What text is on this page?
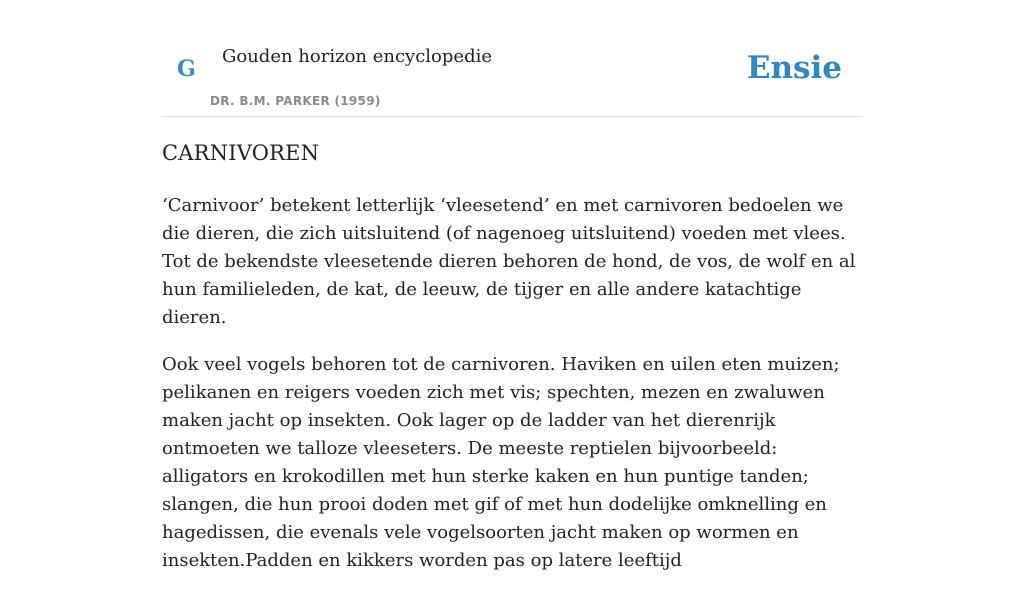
G Gouden horizon encyclopedie
DR. B.M. PARKER (1959)
Ensie
CARNIVOREN

‘Carnivoor’ betekent letterlijk ‘vleesetend’ en met carnivoren bedoelen we die dieren, die zich uitsluitend (of nagenoeg uitsluitend) voeden met vlees. Tot de bekendste vleesetende dieren behoren de hond, de vos, de wolf en al hun familieleden, de kat, de leeuw, de tijger en alle andere katachtige dieren.

Ook veel vogels behoren tot de carnivoren. Haviken en uilen eten muizen; pelikanen en reigers voeden zich met vis; spechten, mezen en zwaluwen maken jacht op insekten. Ook lager op de ladder van het dierenrijk ontmoeten we talloze vleeseters. De meeste reptielen bijvoorbeeld: alligators en krokodillen met hun sterke kaken en hun puntige tanden; slangen, die hun prooi doden met gif of met hun dodelijke omknelling en hagedissen, die evenals vele vogelsoorten jacht maken op wormen en insekten.Padden en kikkers worden pas op latere leeftijd
